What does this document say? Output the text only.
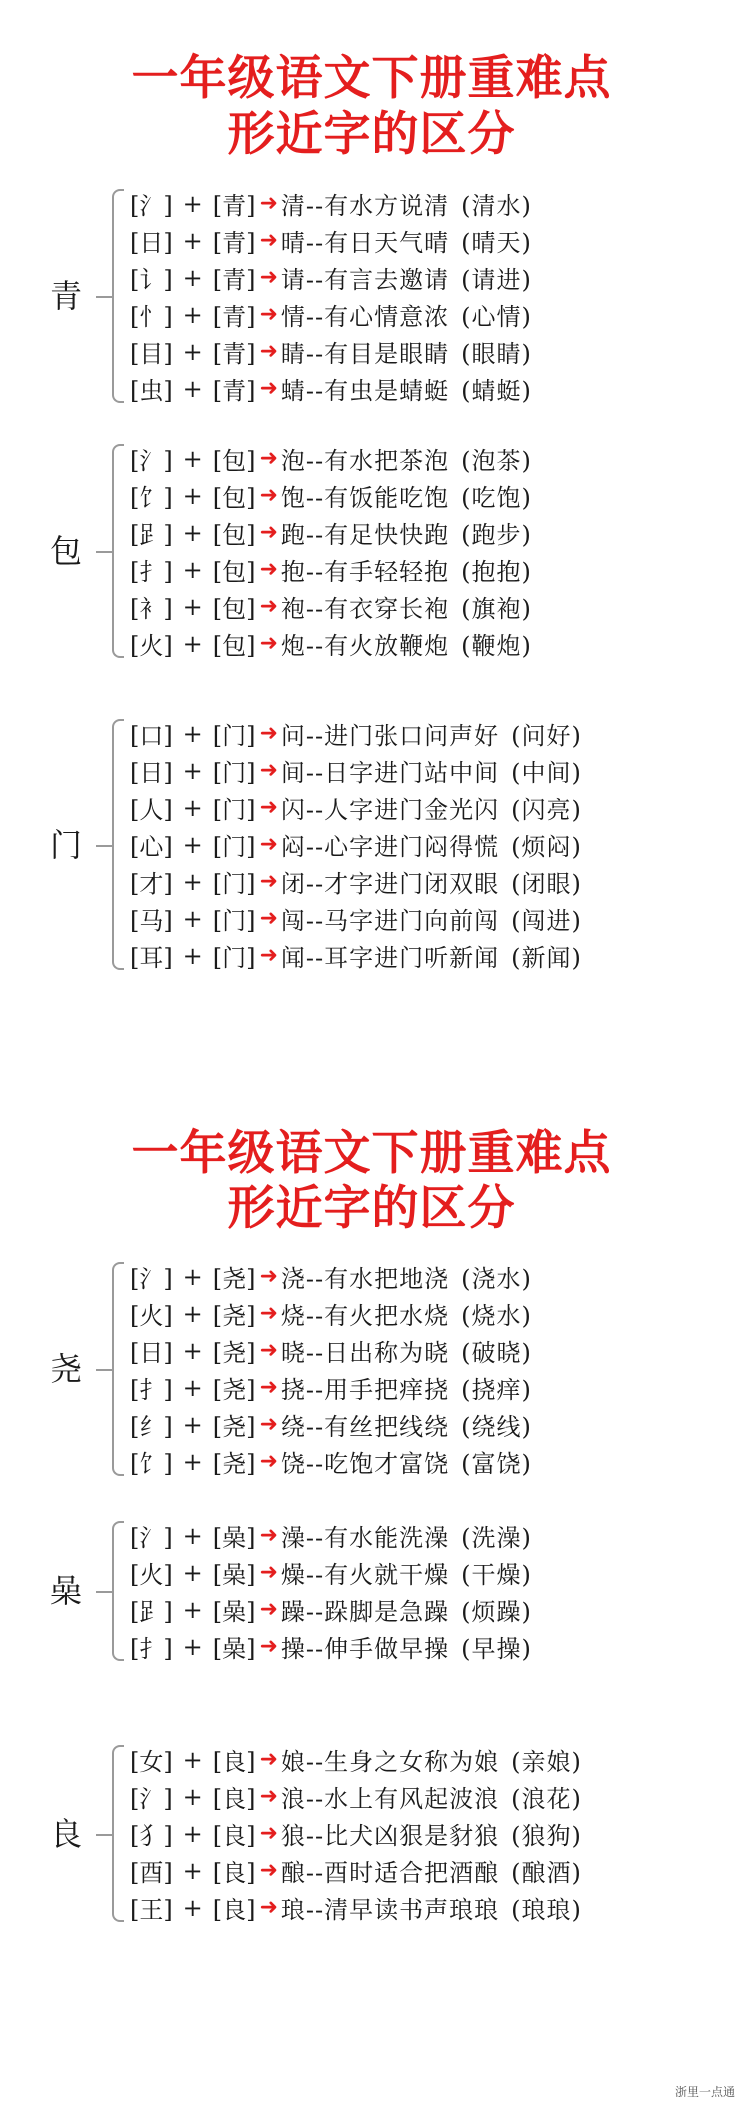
一年级语文下册重难点
形近字的区分
青
[氵] + [青] ➜ 清--有水方说清 (清水)
[日] + [青] ➜ 晴--有日天气晴 (晴天)
[讠] + [青] ➜ 请--有言去邀请 (请进)
[忄] + [青] ➜ 情--有心情意浓 (心情)
[目] + [青] ➜ 睛--有目是眼睛 (眼睛)
[虫] + [青] ➜ 蜻--有虫是蜻蜓 (蜻蜓)
包
[氵] + [包] ➜ 泡--有水把茶泡 (泡茶)
[饣] + [包] ➜ 饱--有饭能吃饱 (吃饱)
[𧾷] + [包] ➜ 跑--有足快快跑 (跑步)
[扌] + [包] ➜ 抱--有手轻轻抱 (抱抱)
[衤] + [包] ➜ 袍--有衣穿长袍 (旗袍)
[火] + [包] ➜ 炮--有火放鞭炮 (鞭炮)
门
[口] + [门] ➜ 问--进门张口问声好 (问好)
[日] + [门] ➜ 间--日字进门站中间 (中间)
[人] + [门] ➜ 闪--人字进门金光闪 (闪亮)
[心] + [门] ➜ 闷--心字进门闷得慌 (烦闷)
[才] + [门] ➜ 闭--才字进门闭双眼 (闭眼)
[马] + [门] ➜ 闯--马字进门向前闯 (闯进)
[耳] + [门] ➜ 闻--耳字进门听新闻 (新闻)
一年级语文下册重难点
形近字的区分
尧
[氵] + [尧] ➜ 浇--有水把地浇 (浇水)
[火] + [尧] ➜ 烧--有火把水烧 (烧水)
[日] + [尧] ➜ 晓--日出称为晓 (破晓)
[扌] + [尧] ➜ 挠--用手把痒挠 (挠痒)
[纟] + [尧] ➜ 绕--有丝把线绕 (绕线)
[饣] + [尧] ➜ 饶--吃饱才富饶 (富饶)
喿
[氵] + [喿] ➜ 澡--有水能洗澡 (洗澡)
[火] + [喿] ➜ 燥--有火就干燥 (干燥)
[𧾷] + [喿] ➜ 躁--跺脚是急躁 (烦躁)
[扌] + [喿] ➜ 操--伸手做早操 (早操)
良
[女] + [良] ➜ 娘--生身之女称为娘 (亲娘)
[氵] + [良] ➜ 浪--水上有风起波浪 (浪花)
[犭] + [良] ➜ 狼--比犬凶狠是豺狼 (狼狗)
[酉] + [良] ➜ 酿--酉时适合把酒酿 (酿酒)
[王] + [良] ➜ 琅--清早读书声琅琅 (琅琅)
浙里一点通
